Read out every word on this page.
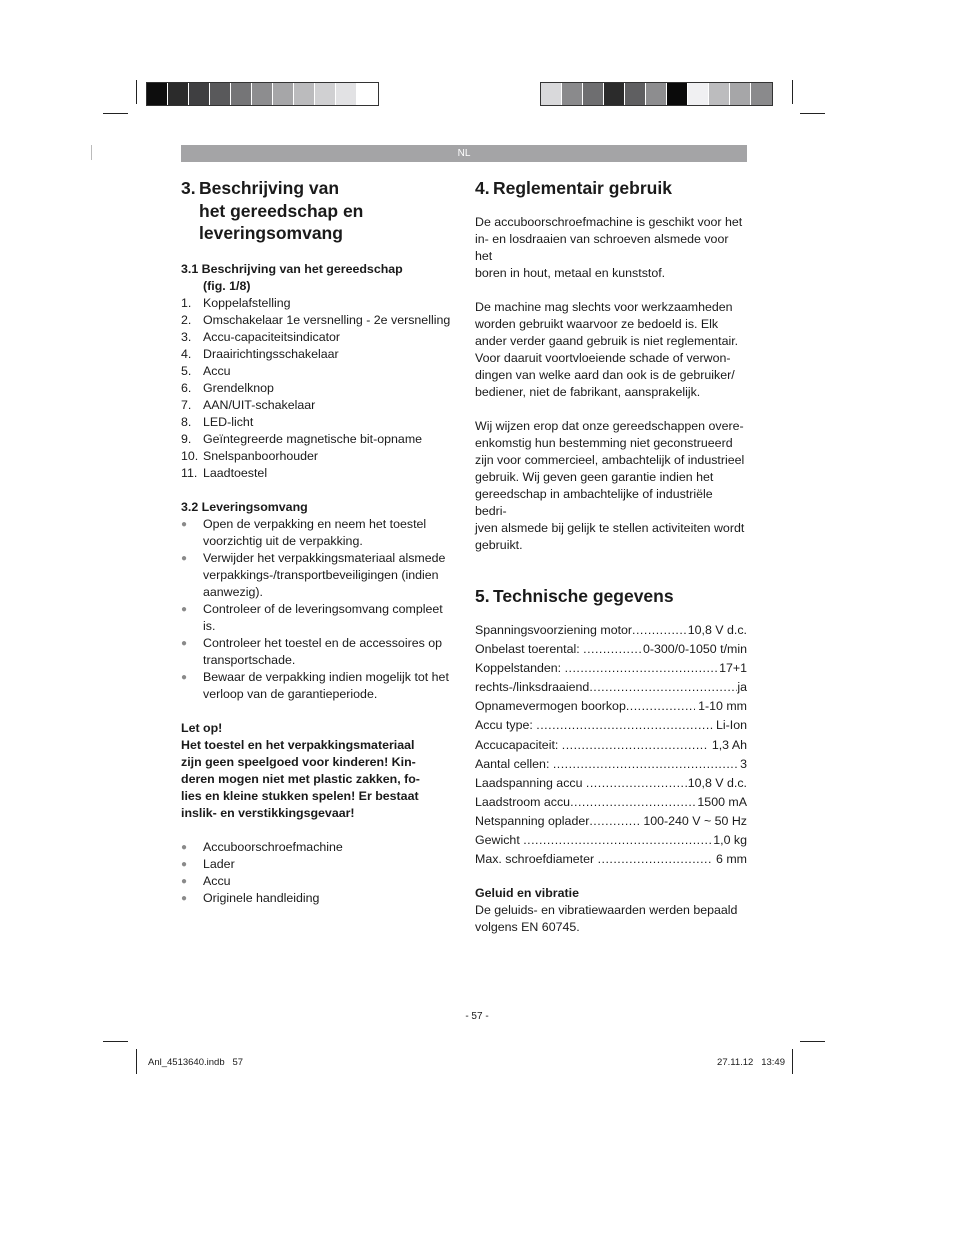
NL
3. Beschrijving van
het gereedschap en
leveringsomvang
3.1 Beschrijving van het gereedschap
(fig. 1/8)
1. Koppelafstelling
2. Omschakelaar 1e versnelling - 2e versnelling
3. Accu-capaciteitsindicator
4. Draairichtingsschakelaar
5. Accu
6. Grendelknop
7. AAN/UIT-schakelaar
8. LED-licht
9. Geïntegreerde magnetische bit-opname
10. Snelspanboorhouder
11. Laadtoestel
3.2 Leveringsomvang
●	Open de verpakking en neem het toestel
voorzichtig uit de verpakking.
●	Verwijder het verpakkingsmateriaal alsmede
verpakkings-/transportbeveiligingen (indien
aanwezig).
●	Controleer of de leveringsomvang compleet
is.
●	Controleer het toestel en de accessoires op
transportschade.
●	Bewaar de verpakking indien mogelijk tot het
verloop van de garantieperiode.
Let op!
Het toestel en het verpakkingsmateriaal
zijn geen speelgoed voor kinderen! Kin-
deren mogen niet met plastic zakken, fo-
lies en kleine stukken spelen! Er bestaat
inslik- en verstikkingsgevaar!
●	Accuboorschroefmachine
●	Lader
●	Accu
●	Originele handleiding
4. Reglementair gebruik
De accuboorschroefmachine is geschikt voor het
in- en losdraaien van schroeven alsmede voor het
boren in hout, metaal en kunststof.
De machine mag slechts voor werkzaamheden
worden gebruikt waarvoor ze bedoeld is. Elk
ander verder gaand gebruik is niet reglementair.
Voor daaruit voortvloeiende schade of verwon-
dingen van welke aard dan ook is de gebruiker/
bediener, niet de fabrikant, aansprakelijk.
Wij wijzen erop dat onze gereedschappen overe-
enkomstig hun bestemming niet geconstrueerd
zijn voor commercieel, ambachtelijk of industrieel
gebruik. Wij geven geen garantie indien het
gereedschap in ambachtelijke of industriële bedri-
jven alsmede bij gelijk te stellen activiteiten wordt
gebruikt.
5. Technische gegevens
Spanningsvoorziening motor .....	10,8 V d.c.
Onbelast toerental: .....	0-300/0-1050 t/min
Koppelstanden: .....	17+1
rechts-/linksdraaiend .....	ja
Opnamevermogen boorkop .....	1-10 mm
Accu type: .....	Li-Ion
Accucapaciteit: .....	1,3 Ah
Aantal cellen: .....	3
Laadspanning accu .....	10,8 V d.c.
Laadstroom accu .....	1500 mA
Netspanning oplader .....	100-240 V ~ 50 Hz
Gewicht .....	1,0 kg
Max. schroefdiameter .....	6 mm
Geluid en vibratie
De geluids- en vibratiewaarden werden bepaald
volgens EN 60745.
- 57 -
Anl_4513640.indb   57	27.11.12   13:49
